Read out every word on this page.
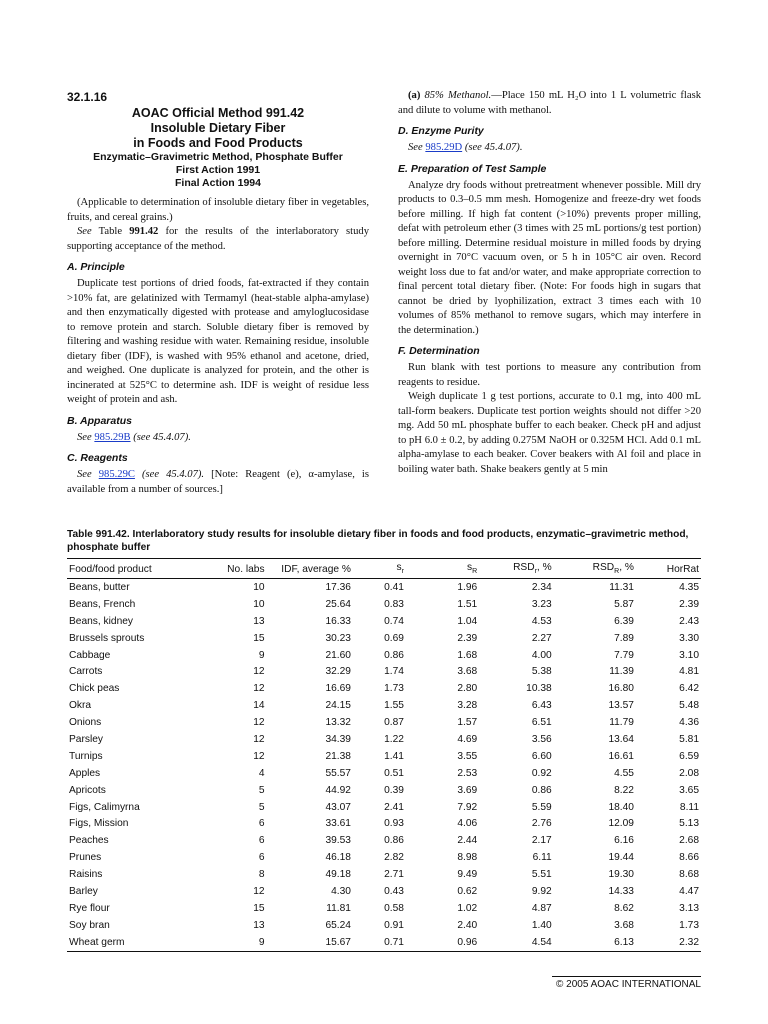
32.1.16
AOAC Official Method 991.42
Insoluble Dietary Fiber
in Foods and Food Products
Enzymatic–Gravimetric Method, Phosphate Buffer
First Action 1991
Final Action 1994

(Applicable to determination of insoluble dietary fiber in vegetables, fruits, and cereal grains.)

See Table 991.42 for the results of the interlaboratory study supporting acceptance of the method.

A. Principle

Duplicate test portions of dried foods, fat-extracted if they contain >10% fat, are gelatinized with Termamyl (heat-stable alpha-amylase) and then enzymatically digested with protease and amyloglucosidase to remove protein and starch. Soluble dietary fiber is removed by filtering and washing residue with water. Remaining residue, insoluble dietary fiber (IDF), is washed with 95% ethanol and acetone, dried, and weighed. One duplicate is analyzed for protein, and the other is incinerated at 525°C to determine ash. IDF is weight of residue less weight of protein and ash.

B. Apparatus

See 985.29B (see 45.4.07).

C. Reagents

See 985.29C (see 45.4.07). [Note: Reagent (e), α-amylase, is available from a number of sources.]

(a) 85% Methanol.—Place 150 mL H₂O into 1 L volumetric flask and dilute to volume with methanol.

D. Enzyme Purity

See 985.29D (see 45.4.07).

E. Preparation of Test Sample

Analyze dry foods without pretreatment whenever possible. Mill dry products to 0.3–0.5 mm mesh. Homogenize and freeze-dry wet foods before milling. If high fat content (>10%) prevents proper milling, defat with petroleum ether (3 times with 25 mL portions/g test portion) before milling. Determine residual moisture in milled foods by drying overnight in 70°C vacuum oven, or 5 h in 105°C air oven. Record weight loss due to fat and/or water, and make appropriate correction to final percent total dietary fiber. (Note: For foods high in sugars that cannot be dried by lyophilization, extract 3 times each with 10 volumes of 85% methanol to remove sugars, which may interfere in the determination.)

F. Determination

Run blank with test portions to measure any contribution from reagents to residue.

Weigh duplicate 1 g test portions, accurate to 0.1 mg, into 400 mL tall-form beakers. Duplicate test portion weights should not differ >20 mg. Add 50 mL phosphate buffer to each beaker. Check pH and adjust to pH 6.0 ± 0.2, by adding 0.275M NaOH or 0.325M HCl. Add 0.1 mL alpha-amylase to each beaker. Cover beakers with Al foil and place in boiling water bath. Shake beakers gently at 5 min

Table 991.42. Interlaboratory study results for insoluble dietary fiber in foods and food products, enzymatic–gravimetric method, phosphate buffer
Food/food product	No. labs	IDF, average %	$s_r$	$s_R$	$RSD_r$, %	$RSD_R$, %	HorRat
Beans, butter	10	17.36	0.41	1.96	2.34	11.31	4.35
Beans, French	10	25.64	0.83	1.51	3.23	5.87	2.39
Beans, kidney	13	16.33	0.74	1.04	4.53	6.39	2.43
Brussels sprouts	15	30.23	0.69	2.39	2.27	7.89	3.30
Cabbage	9	21.60	0.86	1.68	4.00	7.79	3.10
Carrots	12	32.29	1.74	3.68	5.38	11.39	4.81
Chick peas	12	16.69	1.73	2.80	10.38	16.80	6.42
Okra	14	24.15	1.55	3.28	6.43	13.57	5.48
Onions	12	13.32	0.87	1.57	6.51	11.79	4.36
Parsley	12	34.39	1.22	4.69	3.56	13.64	5.81
Turnips	12	21.38	1.41	3.55	6.60	16.61	6.59
Apples	4	55.57	0.51	2.53	0.92	4.55	2.08
Apricots	5	44.92	0.39	3.69	0.86	8.22	3.65
Figs, Calimyrna	5	43.07	2.41	7.92	5.59	18.40	8.11
Figs, Mission	6	33.61	0.93	4.06	2.76	12.09	5.13
Peaches	6	39.53	0.86	2.44	2.17	6.16	2.68
Prunes	6	46.18	2.82	8.98	6.11	19.44	8.66
Raisins	8	49.18	2.71	9.49	5.51	19.30	8.68
Barley	12	4.30	0.43	0.62	9.92	14.33	4.47
Rye flour	15	11.81	0.58	1.02	4.87	8.62	3.13
Soy bran	13	65.24	0.91	2.40	1.40	3.68	1.73
Wheat germ	9	15.67	0.71	0.96	4.54	6.13	2.32
© 2005 AOAC INTERNATIONAL
